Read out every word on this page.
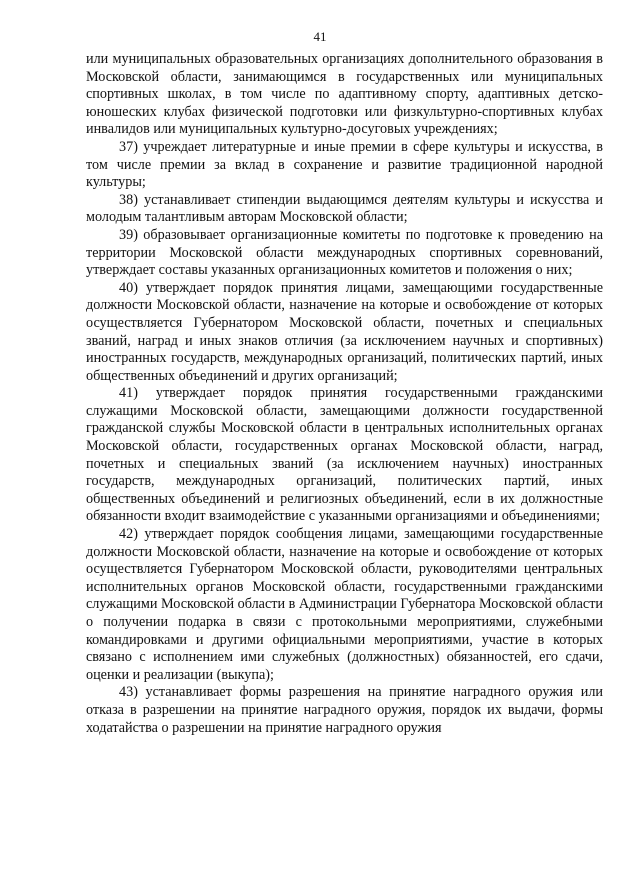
41

или муниципальных образовательных организациях дополнительного образования в Московской области, занимающимся в государственных или муниципальных спортивных школах, в том числе по адаптивному спорту, адаптивных детско-юношеских клубах физической подготовки или физкультурно-спортивных клубах инвалидов или муниципальных культурно-досуговых учреждениях;

37) учреждает литературные и иные премии в сфере культуры и искусства, в том числе премии за вклад в сохранение и развитие традиционной народной культуры;

38) устанавливает стипендии выдающимся деятелям культуры и искусства и молодым талантливым авторам Московской области;

39) образовывает организационные комитеты по подготовке к проведению на территории Московской области международных спортивных соревнований, утверждает составы указанных организационных комитетов и положения о них;

40) утверждает порядок принятия лицами, замещающими государственные должности Московской области, назначение на которые и освобождение от которых осуществляется Губернатором Московской области, почетных и специальных званий, наград и иных знаков отличия (за исключением научных и спортивных) иностранных государств, международных организаций, политических партий, иных общественных объединений и других организаций;

41) утверждает порядок принятия государственными гражданскими служащими Московской области, замещающими должности государственной гражданской службы Московской области в центральных исполнительных органах Московской области, государственных органах Московской области, наград, почетных и специальных званий (за исключением научных) иностранных государств, международных организаций, политических партий, иных общественных объединений и религиозных объединений, если в их должностные обязанности входит взаимодействие с указанными организациями и объединениями;

42) утверждает порядок сообщения лицами, замещающими государственные должности Московской области, назначение на которые и освобождение от которых осуществляется Губернатором Московской области, руководителями центральных исполнительных органов Московской области, государственными гражданскими служащими Московской области в Администрации Губернатора Московской области о получении подарка в связи с протокольными мероприятиями, служебными командировками и другими официальными мероприятиями, участие в которых связано с исполнением ими служебных (должностных) обязанностей, его сдачи, оценки и реализации (выкупа);

43) устанавливает формы разрешения на принятие наградного оружия или отказа в разрешении на принятие наградного оружия, порядок их выдачи, формы ходатайства о разрешении на принятие наградного оружия
